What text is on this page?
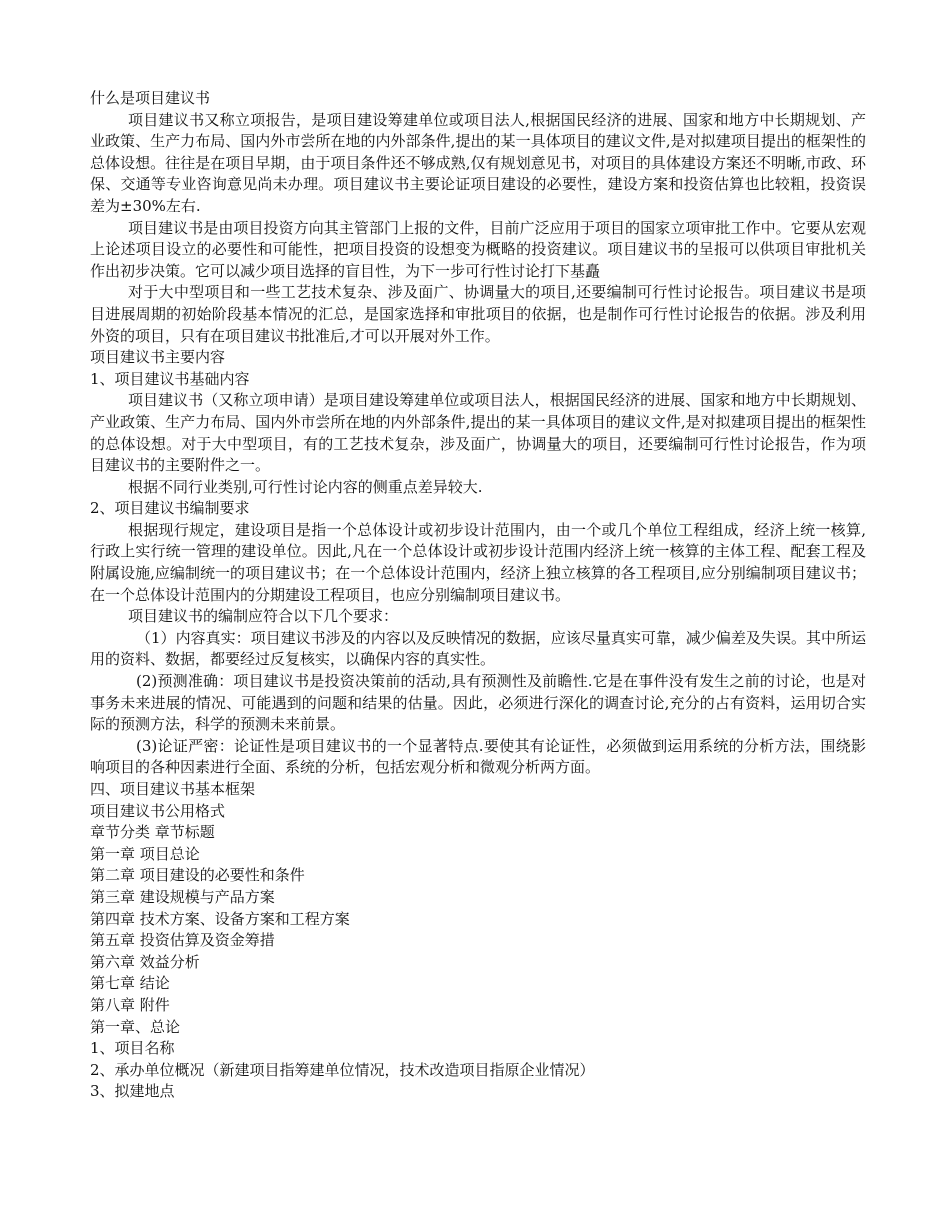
什么是项目建议书

项目建议书又称立项报告，是项目建设筹建单位或项目法人,根据国民经济的进展、国家和地方中长期规划、产业政策、生产力布局、国内外市尝所在地的内外部条件,提出的某一具体项目的建议文件,是对拟建项目提出的框架性的总体设想。往往是在项目早期，由于项目条件还不够成熟,仅有规划意见书，对项目的具体建设方案还不明晰,市政、环保、交通等专业咨询意见尚未办理。项目建议书主要论证项目建设的必要性，建设方案和投资估算也比较粗，投资误差为±30%左右.

项目建议书是由项目投资方向其主管部门上报的文件，目前广泛应用于项目的国家立项审批工作中。它要从宏观上论述项目设立的必要性和可能性，把项目投资的设想变为概略的投资建议。项目建议书的呈报可以供项目审批机关作出初步决策。它可以减少项目选择的盲目性，为下一步可行性讨论打下基矗

对于大中型项目和一些工艺技术复杂、涉及面广、协调量大的项目,还要编制可行性讨论报告。项目建议书是项目进展周期的初始阶段基本情况的汇总，是国家选择和审批项目的依据，也是制作可行性讨论报告的依据。涉及利用外资的项目，只有在项目建议书批准后,才可以开展对外工作。

项目建议书主要内容

1、项目建议书基础内容

项目建议书（又称立项申请）是项目建设筹建单位或项目法人，根据国民经济的进展、国家和地方中长期规划、产业政策、生产力布局、国内外市尝所在地的内外部条件,提出的某一具体项目的建议文件,是对拟建项目提出的框架性的总体设想。对于大中型项目，有的工艺技术复杂，涉及面广，协调量大的项目，还要编制可行性讨论报告，作为项目建议书的主要附件之一。

根据不同行业类别,可行性讨论内容的侧重点差异较大.

2、项目建议书编制要求

根据现行规定，建设项目是指一个总体设计或初步设计范围内，由一个或几个单位工程组成，经济上统一核算,行政上实行统一管理的建设单位。因此,凡在一个总体设计或初步设计范围内经济上统一核算的主体工程、配套工程及附属设施,应编制统一的项目建议书；在一个总体设计范围内，经济上独立核算的各工程项目,应分别编制项目建议书；在一个总体设计范围内的分期建设工程项目，也应分别编制项目建议书。

项目建议书的编制应符合以下几个要求：

（1）内容真实：项目建议书涉及的内容以及反映情况的数据，应该尽量真实可靠，减少偏差及失误。其中所运用的资料、数据，都要经过反复核实，以确保内容的真实性。

(2)预测准确：项目建议书是投资决策前的活动,具有预测性及前瞻性.它是在事件没有发生之前的讨论，也是对事务未来进展的情况、可能遇到的问题和结果的估量。因此，必须进行深化的调查讨论,充分的占有资料，运用切合实际的预测方法，科学的预测未来前景。

(3)论证严密：论证性是项目建议书的一个显著特点.要使其有论证性，必须做到运用系统的分析方法，围绕影响项目的各种因素进行全面、系统的分析，包括宏观分析和微观分析两方面。

四、项目建议书基本框架

项目建议书公用格式

章节分类 章节标题

第一章 项目总论

第二章 项目建设的必要性和条件

第三章 建设规模与产品方案

第四章 技术方案、设备方案和工程方案

第五章 投资估算及资金筹措

第六章 效益分析

第七章 结论

第八章 附件

第一章、总论

1、项目名称

2、承办单位概况（新建项目指筹建单位情况，技术改造项目指原企业情况）

3、拟建地点
